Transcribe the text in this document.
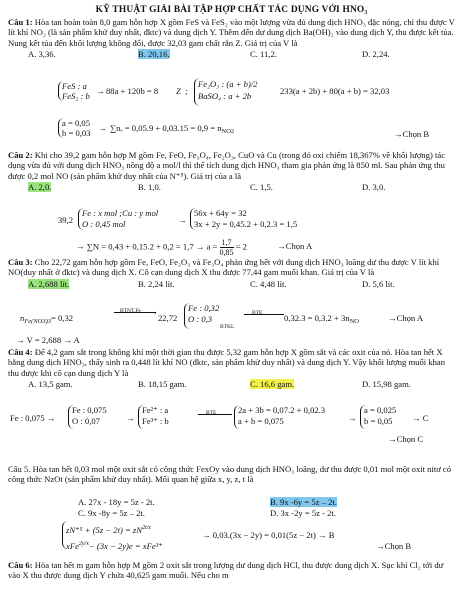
KỸ THUẬT GIẢI BÀI TẬP HỢP CHẤT TÁC DỤNG VỚI HNO₃

Câu 1: Hòa tan hoàn toàn 8,0 gam hỗn hợp X gồm FeS và FeS₂ vào một lượng vừa đủ dung dịch HNO₃ đặc nóng, chỉ thu được V lít khí NO₂ (là sản phẩm khử duy nhất, đktc) và dung dịch Y. Thêm đến dư dung dịch Ba(OH)₂ vào dung dịch Y, thu được kết tủa. Nung kết tủa đến khối lượng không đổi, được 32,03 gam chất rắn Z. Giá trị của V là

A. 3,36.	B. 20,16.	C. 11,2.	D. 2,24.
FeS : a
FeS₂ : b → 88a + 120b = 8 Z ;
Fe₂O₃ : (a + b)/2
BaSO₄ : a + 2b	233(a + 2b) + 80(a + b) = 32,03
a = 0,05
$b = 0,03 \to \sum n_e = 0,05.9 + 0,03.15 = 0,9 = n_{NO2}$	→Chọn B

Câu 2: Khi cho 39,2 gam hỗn hợp M gồm Fe, FeO, Fe₃O₄, Fe₂O₃, CuO và Cu (trong đó oxi chiếm 18,367% về khối lượng) tác dụng vừa đủ với dung dịch HNO₃ nồng độ a mol/l thì thể tích dung dịch HNO₃ tham gia phản ứng là 850 ml. Sau phản ứng thu được 0,2 mol NO (sản phẩm khử duy nhất của N⁺⁵). Giá trị của a là

A. 2,0.	B. 1,0.	C. 1,5.	D. 3,0.
39,2
Fe : x mol ;Cu : y mol
O : 0,45 mol	→
56x + 64y = 32
3x + 2y = 0,45.2 + 0,2.3 = 1,5
→ $\sum N = 0,43 + 0,15.2 + 0,2 = 1,7 \to a = \frac{1,7}{0,85} = 2$	→Chọn A

Câu 3: Cho 22,72 gam hỗn hợp gồm Fe, FeO, Fe₂O₃ và Fe₃O₄ phản ứng hết với dung dịch HNO₃ loãng dư thu được V lít khí NO(duy nhất ở đktc) và dung dịch X. Cô cạn dung dịch X thu được 77,44 gam muối khan. Giá trị của V là

A. 2,688 lít.	B. 2,24 lít.	C. 4,48 lít.	D. 5,6 lít.
$n_{Fe(NO3)3}= 0,32$
BTNT.Fe › 22,72
Fe : 0,32
O : 0,3
BTKL
BTE	$0,32.3 = 0,3.2 + 3n_{NO}$	→Chọn A
→ V = 2,688 → A

Câu 4: Để 4,2 gam sắt trong không khí một thời gian thu được 5,32 gam hỗn hợp X gồm sắt và các oxit của nó. Hòa tan hết X bằng dung dịch HNO₃, thấy sinh ra 0,448 lít khí NO (đktc, sản phẩm khử duy nhất) và dung dịch Y. Vậy khối lượng muối khan thu được khi cô cạn dung dịch Y là

A. 13,5 gam.	B. 18,15 gam.	C. 16,6 gam.	D. 15,98 gam.
Fe : 0,075 →
Fe : 0,075
O : 0,07	→
Fe²⁺ : a
Fe³⁺ : b
BTE	2a + 3b = 0,07.2 + 0,02.3
a + b = 0,075	→
a = 0,025
b = 0,05	→ C
→Chọn C

Câu 5. Hòa tan hết 0,03 mol một oxit sắt có công thức FexOy vào dung dịch HNO₃ loãng, dư thu được 0,01 mol một oxit nitơ có công thức NzOt (sản phẩm khử duy nhất). Mối quan hệ giữa x, y, z, t là

A. 27x - 18y = 5z - 2t.	B. 9x -6y = 5z – 2t.
C. 9x -8y = 5z – 2t.	D. 3x -2y = 5z - 2t.
$zN^{+5} + (5z - 2t) = zN^{2t/z}$
xFe$^{2y/x}$− (3x − 2y)e = xFe³⁺
→ 0,03.(3x − 2y) = 0,01(5z − 2t) → B
→Chọn B

Câu 6: Hòa tan hết m gam hỗn hợp M gồm 2 oxit sắt trong lượng dư dung dịch HCl, thu được dung dịch X. Sục khí Cl₂ tới dư vào X thu được dung dịch Y chứa 40,625 gam muối. Nếu cho m
